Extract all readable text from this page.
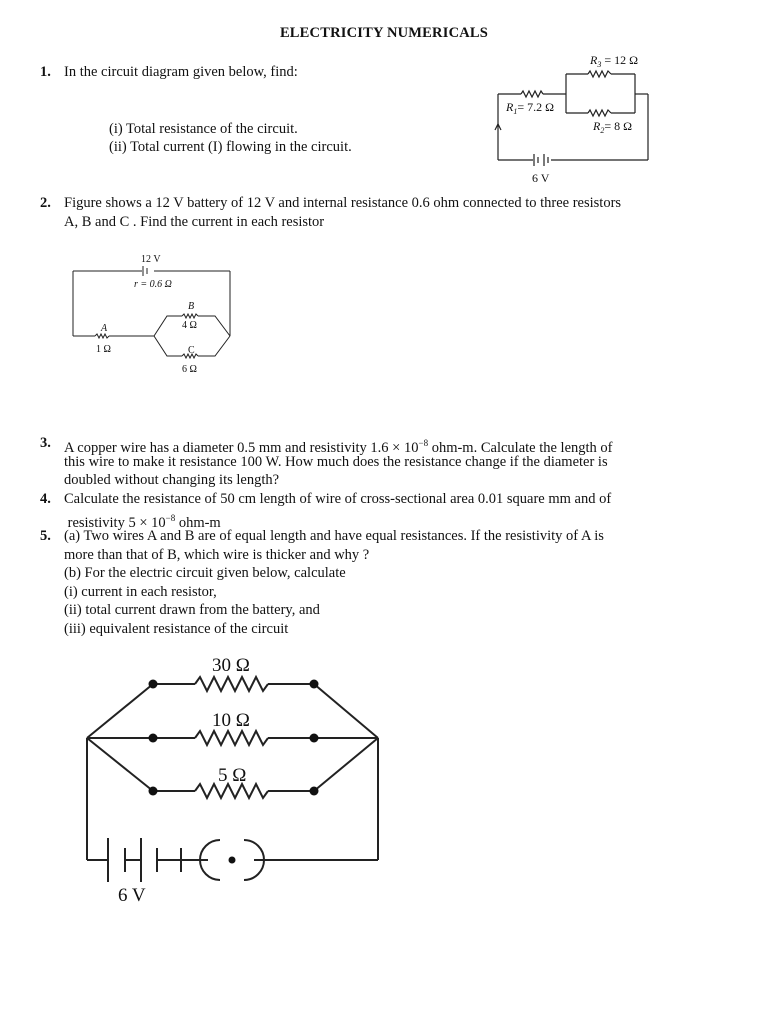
ELECTRICITY NUMERICALS
1. In the circuit diagram given below, find:
(i) Total resistance of the circuit.
(ii) Total current (I) flowing in the circuit.
$R_3 = 12$ Ω
$R_1= 7.2$ Ω
$R_2= 8$ Ω
6 V
2. Figure shows a 12 V battery of 12 V and internal resistance 0.6 ohm connected to three resistors
A, B and C . Find the current in each resistor
12 V
r = 0.6 Ω
A
1 Ω
B
4 Ω
C
6 Ω
3. A copper wire has a diameter 0.5 mm and resistivity $1.6 \times 10^{-8}$ ohm-m. Calculate the length of
this wire to make it resistance 100 W. How much does the resistance change if the diameter is
doubled without changing its length?
4. Calculate the resistance of 50 cm length of wire of cross-sectional area 0.01 square mm and of
resistivity $5 \times 10^{-8}$ ohm-m
5. (a) Two wires A and B are of equal length and have equal resistances. If the resistivity of A is
more than that of B, which wire is thicker and why ?
(b) For the electric circuit given below, calculate
(i) current in each resistor,
(ii) total current drawn from the battery, and
(iii) equivalent resistance of the circuit
30 Ω
10 Ω
5 Ω
6 V
